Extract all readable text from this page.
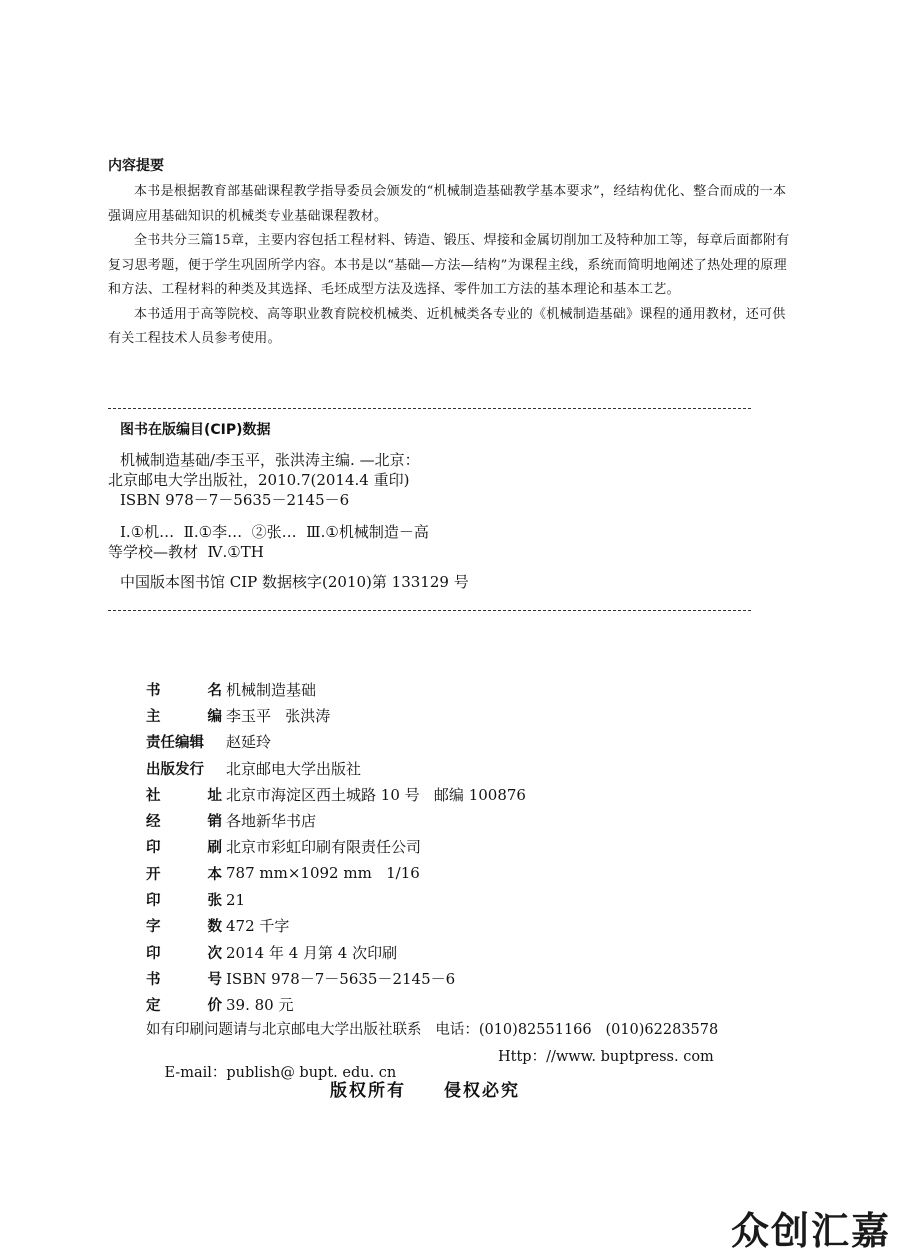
内容提要

本书是根据教育部基础课程教学指导委员会颁发的“机械制造基础教学基本要求”，经结构优化、整合而成的一本强调应用基础知识的机械类专业基础课程教材。

全书共分三篇15章，主要内容包括工程材料、铸造、锻压、焊接和金属切削加工及特种加工等，每章后面都附有复习思考题，便于学生巩固所学内容。本书是以“基础—方法—结构”为课程主线，系统而简明地阐述了热处理的原理和方法、工程材料的种类及其选择、毛坯成型方法及选择、零件加工方法的基本理论和基本工艺。

本书适用于高等院校、高等职业教育院校机械类、近机械类各专业的《机械制造基础》课程的通用教材，还可供有关工程技术人员参考使用。

图书在版编目(CIP)数据
机械制造基础/李玉平，张洪涛主编. —北京：
北京邮电大学出版社，2010.7(2014.4 重印)
ISBN 978－7－5635－2145－6
Ⅰ.①机…  Ⅱ.①李…  ②张…  Ⅲ.①机械制造－高
等学校—教材  Ⅳ.①TH
中国版本图书馆 CIP 数据核字(2010)第 133129 号
书	名 机械制造基础
主	编 李玉平   张洪涛
责任编辑 赵延玲
出版发行 北京邮电大学出版社
社	址 北京市海淀区西土城路 10 号   邮编 100876
经	销 各地新华书店
印	刷 北京市彩虹印刷有限责任公司
开	本 787 mm×1092 mm   1/16
印	张 21
字	数 472 千字
印	次 2014 年 4 月第 4 次印刷
书	号 ISBN 978－7－5635－2145－6
定	价 39. 80 元
如有印刷问题请与北京邮电大学出版社联系   电话：(010)82551166   (010)62283578

E-mail：publish@ bupt. edu. cn

Http：//www. buptpress. com

版权所有 侵权必究
众创汇嘉
